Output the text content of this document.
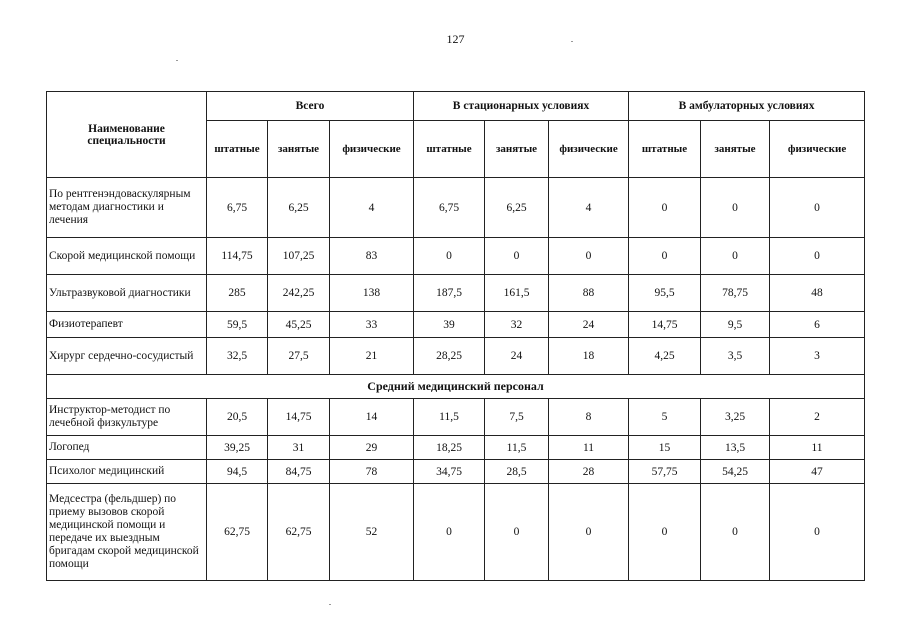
127
Наименование специальности	Всего			В стационарных условиях			В амбулаторных условиях		
	штатные	занятые	физические	штатные	занятые	физические	штатные	занятые	физические
По рентгенэндоваскулярным методам диагностики и лечения	6,75	6,25	4	6,75	6,25	4	0	0	0
Скорой медицинской помощи	114,75	107,25	83	0	0	0	0	0	0
Ультразвуковой диагностики	285	242,25	138	187,5	161,5	88	95,5	78,75	48
Физиотерапевт	59,5	45,25	33	39	32	24	14,75	9,5	6
Хирург сердечно-сосудистый	32,5	27,5	21	28,25	24	18	4,25	3,5	3
Средний медицинский персонал									
Инструктор-методист по лечебной физкультуре	20,5	14,75	14	11,5	7,5	8	5	3,25	2
Логопед	39,25	31	29	18,25	11,5	11	15	13,5	11
Психолог медицинский	94,5	84,75	78	34,75	28,5	28	57,75	54,25	47
Медсестра (фельдшер) по приему вызовов скорой медицинской помощи и передаче их выездным бригадам скорой медицинской помощи	62,75	62,75	52	0	0	0	0	0	0
